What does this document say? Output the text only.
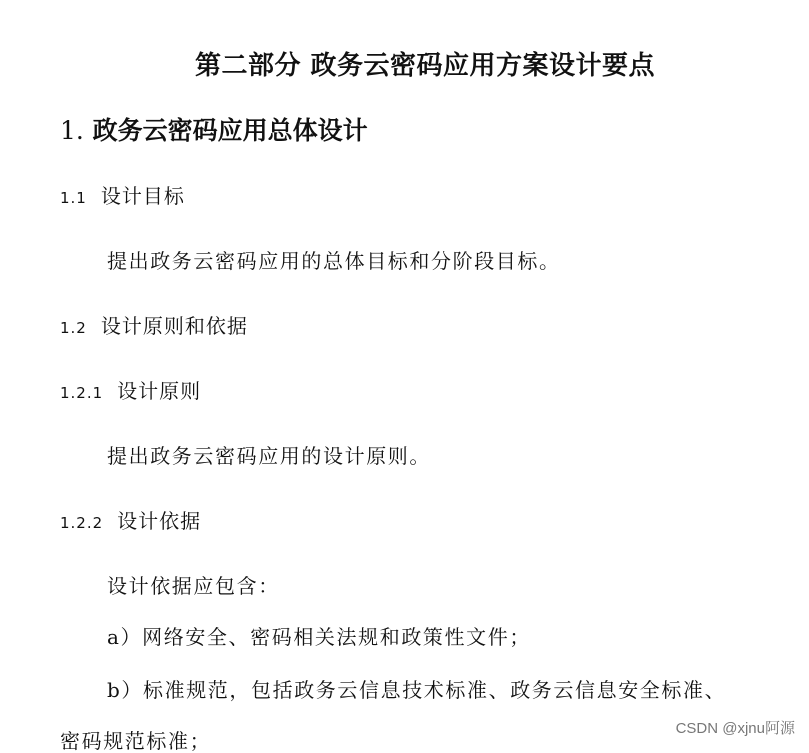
第二部分 政务云密码应用方案设计要点
1. 政务云密码应用总体设计
1.1 设计目标
提出政务云密码应用的总体目标和分阶段目标。
1.2 设计原则和依据
1.2.1 设计原则
提出政务云密码应用的设计原则。
1.2.2 设计依据
设计依据应包含：
a）网络安全、密码相关法规和政策性文件；
b）标准规范，包括政务云信息技术标准、政务云信息安全标准、
密码规范标准；
CSDN @xjnu阿源
